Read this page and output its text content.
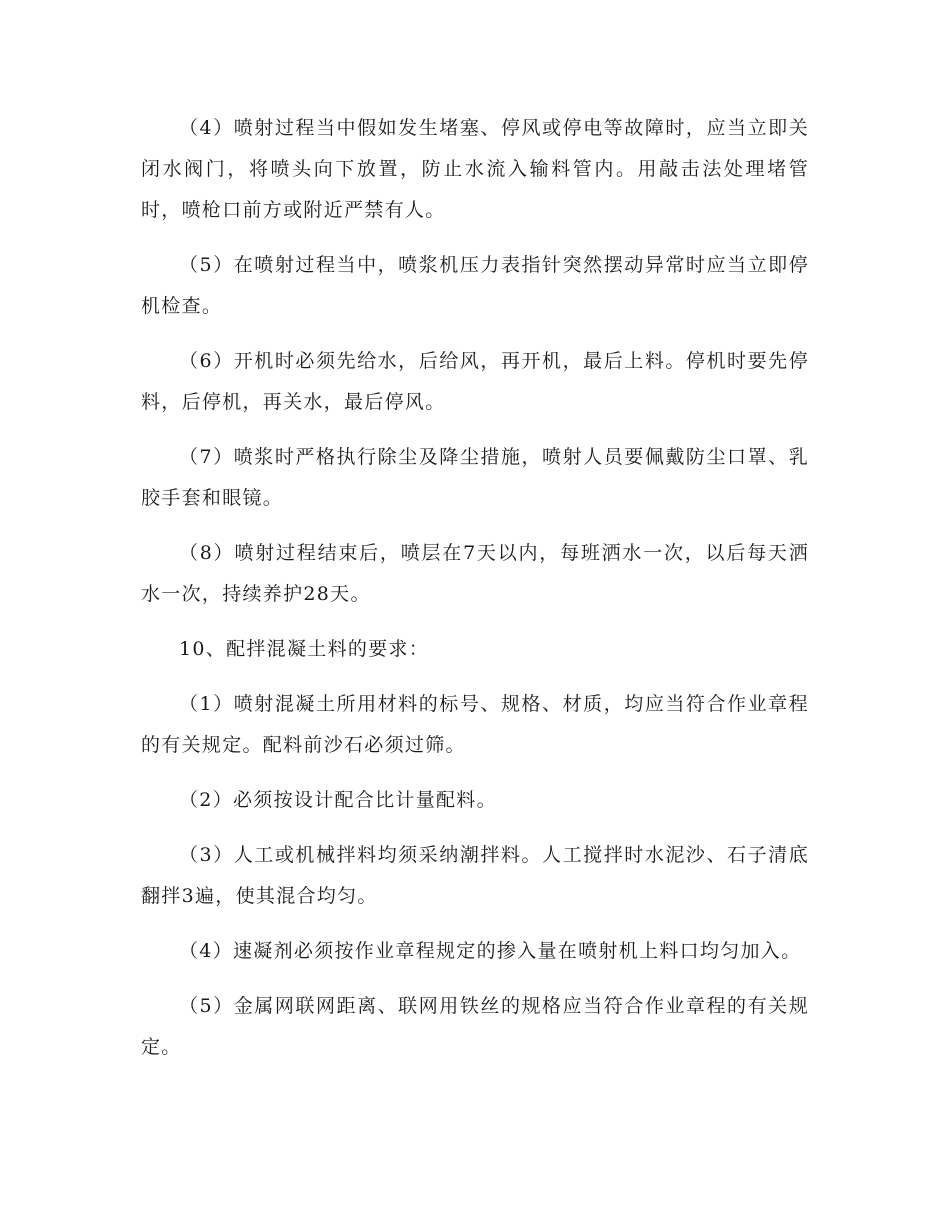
（4）喷射过程当中假如发生堵塞、停风或停电等故障时，应当立即关闭水阀门，将喷头向下放置，防止水流入输料管内。用敲击法处理堵管时，喷枪口前方或附近严禁有人。

（5）在喷射过程当中，喷浆机压力表指针突然摆动异常时应当立即停机检查。

（6）开机时必须先给水，后给风，再开机，最后上料。停机时要先停料，后停机，再关水，最后停风。

（7）喷浆时严格执行除尘及降尘措施，喷射人员要佩戴防尘口罩、乳胶手套和眼镜。

（8）喷射过程结束后，喷层在7天以内，每班洒水一次，以后每天洒水一次，持续养护28天。

10、配拌混凝土料的要求：

（1）喷射混凝土所用材料的标号、规格、材质，均应当符合作业章程的有关规定。配料前沙石必须过筛。

（2）必须按设计配合比计量配料。

（3）人工或机械拌料均须采纳潮拌料。人工搅拌时水泥沙、石子清底翻拌3遍，使其混合均匀。

（4）速凝剂必须按作业章程规定的掺入量在喷射机上料口均匀加入。

（5）金属网联网距离、联网用铁丝的规格应当符合作业章程的有关规定。
